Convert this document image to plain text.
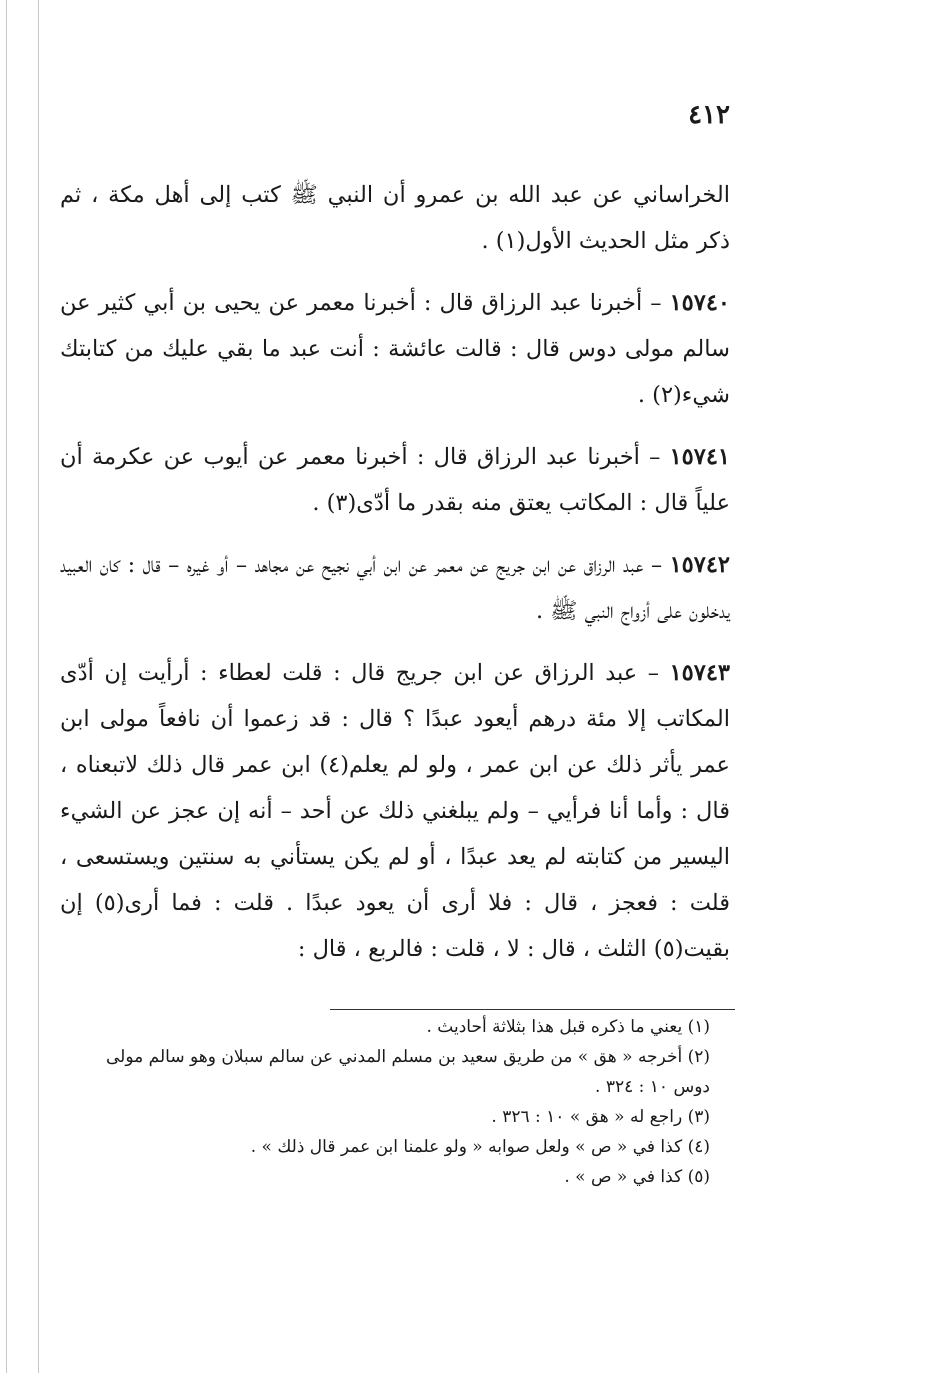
٤١٢

الخراساني عن عبد الله بن عمرو أن النبي ﷺ كتب إلى أهل مكة ، ثم ذكر مثل الحديث الأول(١) .

١٥٧٤٠ – أخبرنا عبد الرزاق قال : أخبرنا معمر عن يحيى بن أبي كثير عن سالم مولى دوس قال : قالت عائشة : أنت عبد ما بقي عليك من كتابتك شيء(٢) .

١٥٧٤١ – أخبرنا عبد الرزاق قال : أخبرنا معمر عن أيوب عن عكرمة أن علياً قال : المكاتب يعتق منه بقدر ما أدّى(٣) .

١٥٧٤٢ – عبد الرزاق عن ابن جريج عن معمر عن ابن أبي نجيح عن مجاهد – أو غيره – قال : كان العبيد يدخلون على أزواج النبي ﷺ .

١٥٧٤٣ – عبد الرزاق عن ابن جريج قال : قلت لعطاء : أرأيت إن أدّى المكاتب إلا مئة درهم أيعود عبدًا ؟ قال : قد زعموا أن نافعاً مولى ابن عمر يأثر ذلك عن ابن عمر ، ولو لم يعلم(٤) ابن عمر قال ذلك لاتبعناه ، قال : وأما أنا فرأيي – ولم يبلغني ذلك عن أحد – أنه إن عجز عن الشيء اليسير من كتابته لم يعد عبدًا ، أو لم يكن يستأني به سنتين ويستسعى ، قلت : فعجز ، قال : فلا أرى أن يعود عبدًا . قلت : فما أرى(٥) إن بقيت(٥) الثلث ، قال : لا ، قلت : فالربع ، قال :

(١) يعني ما ذكره قبل هذا بثلاثة أحاديث .
(٢) أخرجه « هق » من طريق سعيد بن مسلم المدني عن سالم سبلان وهو سالم مولى دوس ١٠ : ٣٢٤ .
(٣) راجع له « هق » ١٠ : ٣٢٦ .
(٤) كذا في « ص » ولعل صوابه « ولو علمنا ابن عمر قال ذلك » .
(٥) كذا في « ص » .
